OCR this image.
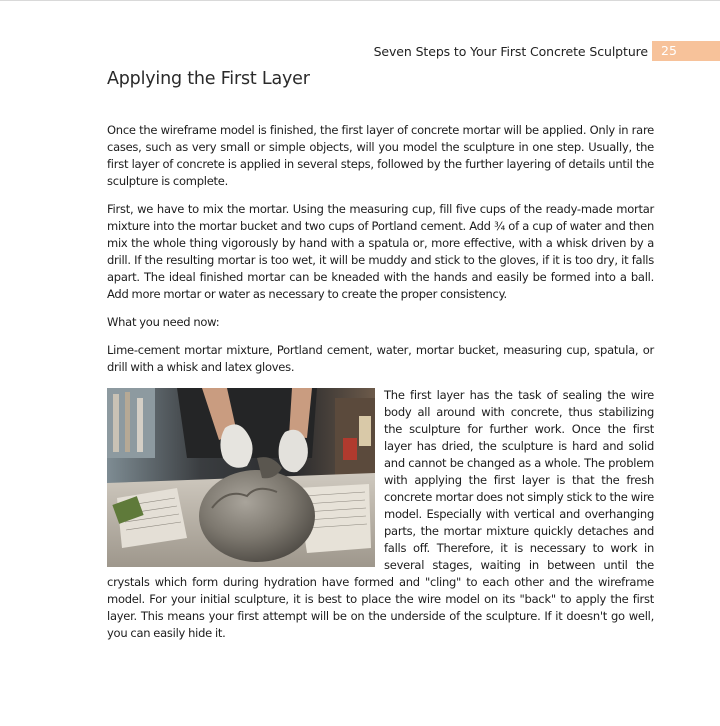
Seven Steps to Your First Concrete Sculpture	25
Applying the First Layer

Once the wireframe model is finished, the first layer of concrete mortar will be applied. Only in rare cases, such as very small or simple objects, will you model the sculpture in one step. Usually, the first layer of concrete is applied in several steps, followed by the further layering of details until the sculpture is complete.

First, we have to mix the mortar. Using the measuring cup, fill five cups of the ready-made mortar mixture into the mortar bucket and two cups of Portland cement. Add ¾ of a cup of water and then mix the whole thing vigorously by hand with a spatula or, more effective, with a whisk driven by a drill. If the resulting mortar is too wet, it will be muddy and stick to the gloves, if it is too dry, it falls apart. The ideal finished mortar can be kneaded with the hands and easily be formed into a ball. Add more mortar or water as necessary to create the proper consistency.

What you need now:

Lime-cement mortar mixture, Portland cement, water, mortar bucket, measuring cup, spatula, or drill with a whisk and latex gloves.

The first layer has the task of sealing the wire body all around with concrete, thus stabilizing the sculpture for further work. Once the first layer has dried, the sculpture is hard and solid and cannot be changed as a whole. The problem with applying the first layer is that the fresh concrete mortar does not simply stick to the wire model. Especially with vertical and overhanging parts, the mortar mixture quickly detaches and falls off. Therefore, it is necessary to work in several stages, waiting in between until the crystals which form during hydration have formed and "cling" to each other and the wireframe model. For your initial sculpture, it is best to place the wire model on its "back" to apply the first layer. This means your first attempt will be on the underside of the sculpture. If it doesn't go well, you can easily hide it.
